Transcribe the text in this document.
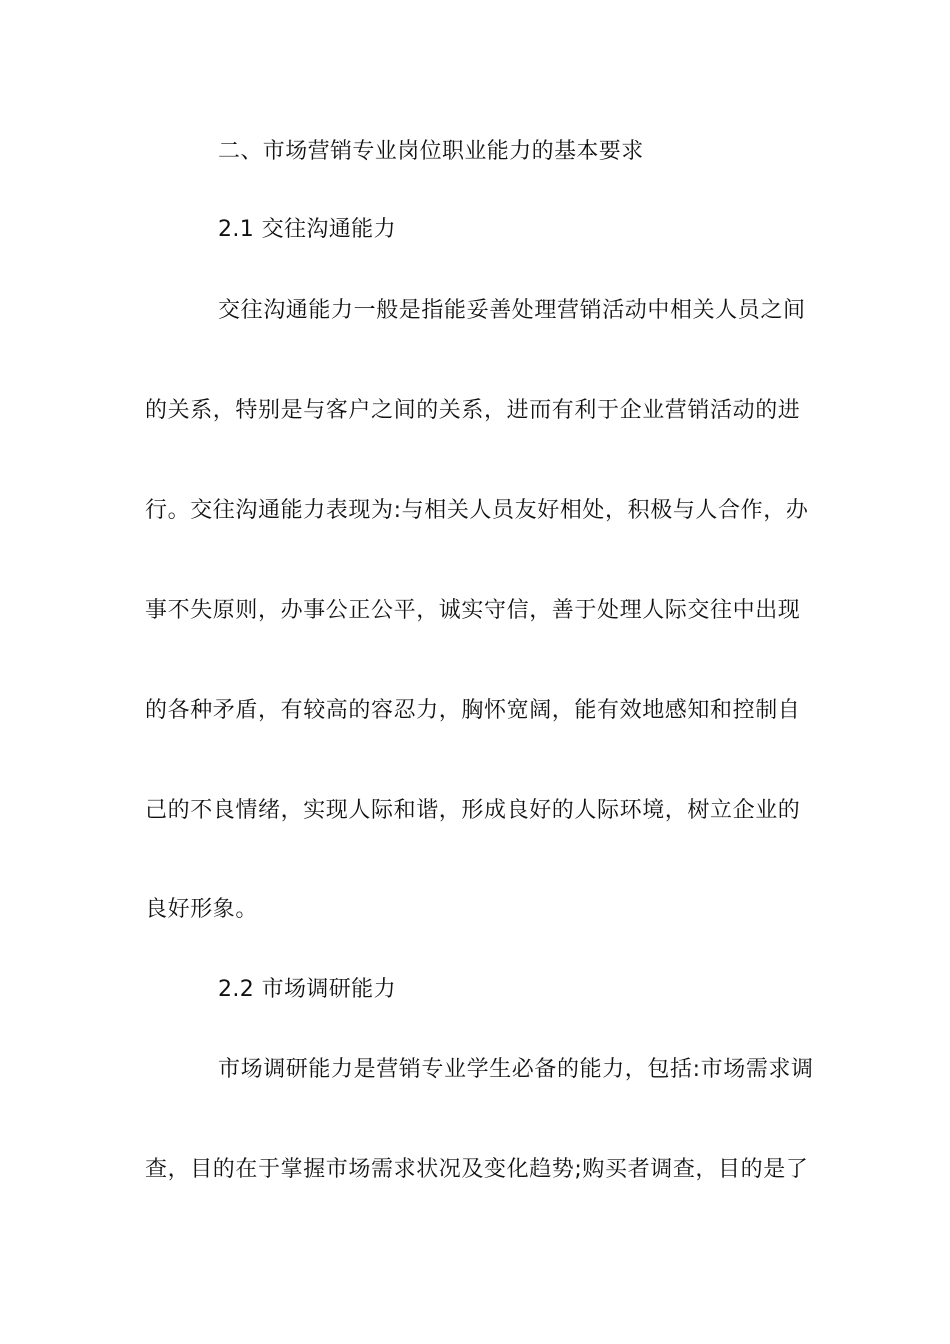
二、市场营销专业岗位职业能力的基本要求
2.1 交往沟通能力
交往沟通能力一般是指能妥善处理营销活动中相关人员之间
的关系，特别是与客户之间的关系，进而有利于企业营销活动的进
行。交往沟通能力表现为:与相关人员友好相处，积极与人合作，办
事不失原则，办事公正公平，诚实守信，善于处理人际交往中出现
的各种矛盾，有较高的容忍力，胸怀宽阔，能有效地感知和控制自
己的不良情绪，实现人际和谐，形成良好的人际环境，树立企业的
良好形象。
2.2 市场调研能力
市场调研能力是营销专业学生必备的能力，包括:市场需求调
查，目的在于掌握市场需求状况及变化趋势;购买者调查，目的是了
